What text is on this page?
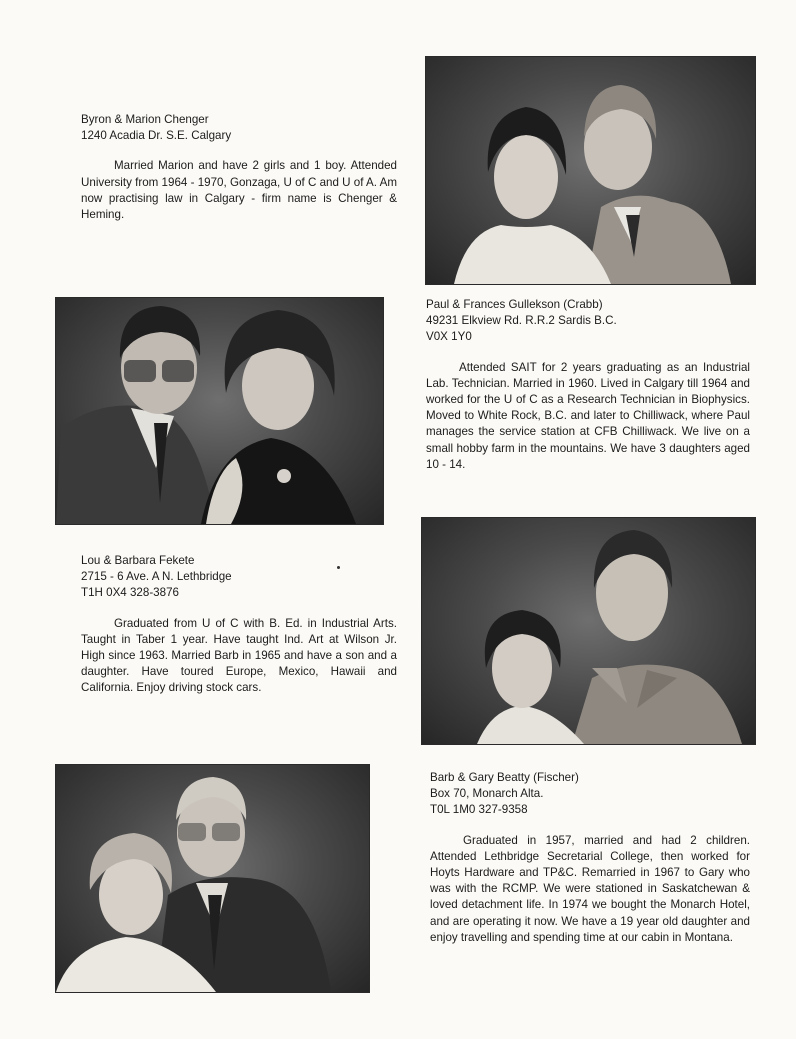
Byron & Marion Chenger
1240 Acadia Dr. S.E. Calgary

Married Marion and have 2 girls and 1 boy. Attended University from 1964 - 1970, Gonzaga, U of C and U of A. Am now practising law in Calgary - firm name is Chenger & Heming.

Paul & Frances Gullekson (Crabb)
49231 Elkview Rd. R.R.2 Sardis B.C.
V0X 1Y0

Attended SAIT for 2 years graduating as an Industrial Lab. Technician. Married in 1960. Lived in Calgary till 1964 and worked for the U of C as a Research Technician in Biophysics. Moved to White Rock, B.C. and later to Chilliwack, where Paul manages the service station at CFB Chilliwack. We live on a small hobby farm in the mountains. We have 3 daughters aged 10 - 14.

Lou & Barbara Fekete
2715 - 6 Ave. A N. Lethbridge
T1H 0X4 328-3876

Graduated from U of C with B. Ed. in Industrial Arts. Taught in Taber 1 year. Have taught Ind. Art at Wilson Jr. High since 1963. Married Barb in 1965 and have a son and a daughter. Have toured Europe, Mexico, Hawaii and California. Enjoy driving stock cars.

Barb & Gary Beatty (Fischer)
Box 70, Monarch Alta.
T0L 1M0 327-9358

Graduated in 1957, married and had 2 children. Attended Lethbridge Secretarial College, then worked for Hoyts Hardware and TP&C. Remarried in 1967 to Gary who was with the RCMP. We were stationed in Saskatchewan & loved detachment life. In 1974 we bought the Monarch Hotel, and are operating it now. We have a 19 year old daughter and enjoy travelling and spending time at our cabin in Montana.
